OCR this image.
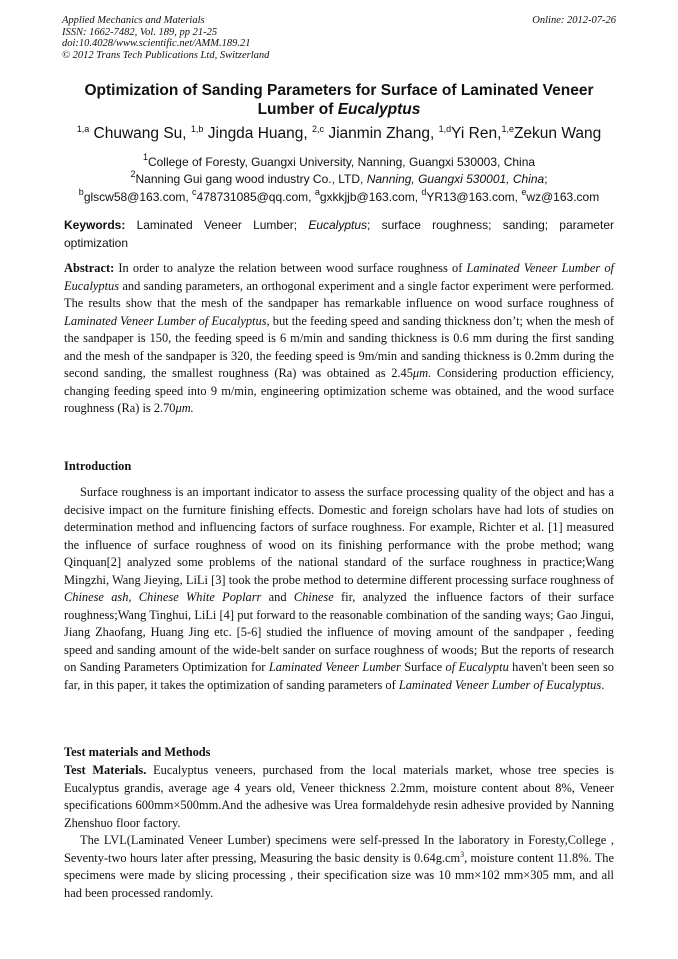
Applied Mechanics and Materials
ISSN: 1662-7482, Vol. 189, pp 21-25
doi:10.4028/www.scientific.net/AMM.189.21
© 2012 Trans Tech Publications Ltd, Switzerland
Online: 2012-07-26
Optimization of Sanding Parameters for Surface of Laminated Veneer
Lumber of Eucalyptus
$^{1,a}$ Chuwang Su, $^{1,b}$ Jingda Huang, $^{2,c}$ Jianmin Zhang, $^{1,d}$Yi Ren,$^{1,e}$Zekun Wang
$^1$College of Foresty, Guangxi University, Nanning, Guangxi 530003, China
$^2$Nanning Gui gang wood industry Co., LTD, Nanning, Guangxi 530001, China;
$^b$glscw58@163.com, $^c$478731085@qq.com, $^a$gxkkjjb@163.com, $^d$YR13@163.com, $^e$wz@163.com
Keywords: Laminated Veneer Lumber; Eucalyptus; surface roughness; sanding; parameter optimization

Abstract: In order to analyze the relation between wood surface roughness of Laminated Veneer Lumber of Eucalyptus and sanding parameters, an orthogonal experiment and a single factor experiment were performed. The results show that the mesh of the sandpaper has remarkable influence on wood surface roughness of Laminated Veneer Lumber of Eucalyptus, but the feeding speed and sanding thickness don’t; when the mesh of the sandpaper is 150, the feeding speed is 6 m/min and sanding thickness is 0.6 mm during the first sanding and the mesh of the sandpaper is 320, the feeding speed is 9m/min and sanding thickness is 0.2mm during the second sanding, the smallest roughness (Ra) was obtained as 2.45μm. Considering production efficiency, changing feeding speed into 9 m/min, engineering optimization scheme was obtained, and the wood surface roughness (Ra) is 2.70μm.

Introduction

Surface roughness is an important indicator to assess the surface processing quality of the object and has a decisive impact on the furniture finishing effects. Domestic and foreign scholars have had lots of studies on determination method and influencing factors of surface roughness. For example, Richter et al. [1] measured the influence of surface roughness of wood on its finishing performance with the probe method; wang Qinquan[2] analyzed some problems of the national standard of the surface roughness in practice;Wang Mingzhi, Wang Jieying, LiLi [3] took the probe method to determine different processing surface roughness of Chinese ash, Chinese White Poplarr and Chinese fir, analyzed the influence factors of their surface roughness;Wang Tinghui, LiLi [4] put forward to the reasonable combination of the sanding ways; Gao Jingui, Jiang Zhaofang, Huang Jing etc. [5-6] studied the influence of moving amount of the sandpaper , feeding speed and sanding amount of the wide-belt sander on surface roughness of woods; But the reports of research on Sanding Parameters Optimization for Laminated Veneer Lumber Surface of Eucalyptu haven't been seen so far, in this paper, it takes the optimization of sanding parameters of Laminated Veneer Lumber of Eucalyptus.

Test materials and Methods

Test Materials. Eucalyptus veneers, purchased from the local materials market, whose tree species is Eucalyptus grandis, average age 4 years old, Veneer thickness 2.2mm, moisture content about 8%, Veneer specifications 600mm×500mm.And the adhesive was Urea formaldehyde resin adhesive provided by Nanning Zhenshuo floor factory.

The LVL(Laminated Veneer Lumber) specimens were self-pressed In the laboratory in Foresty,College , Seventy-two hours later after pressing, Measuring the basic density is $0.64g.cm^3$, moisture content 11.8%. The specimens were made by slicing processing , their specification size was 10 mm×102 mm×305 mm, and all had been processed randomly.
